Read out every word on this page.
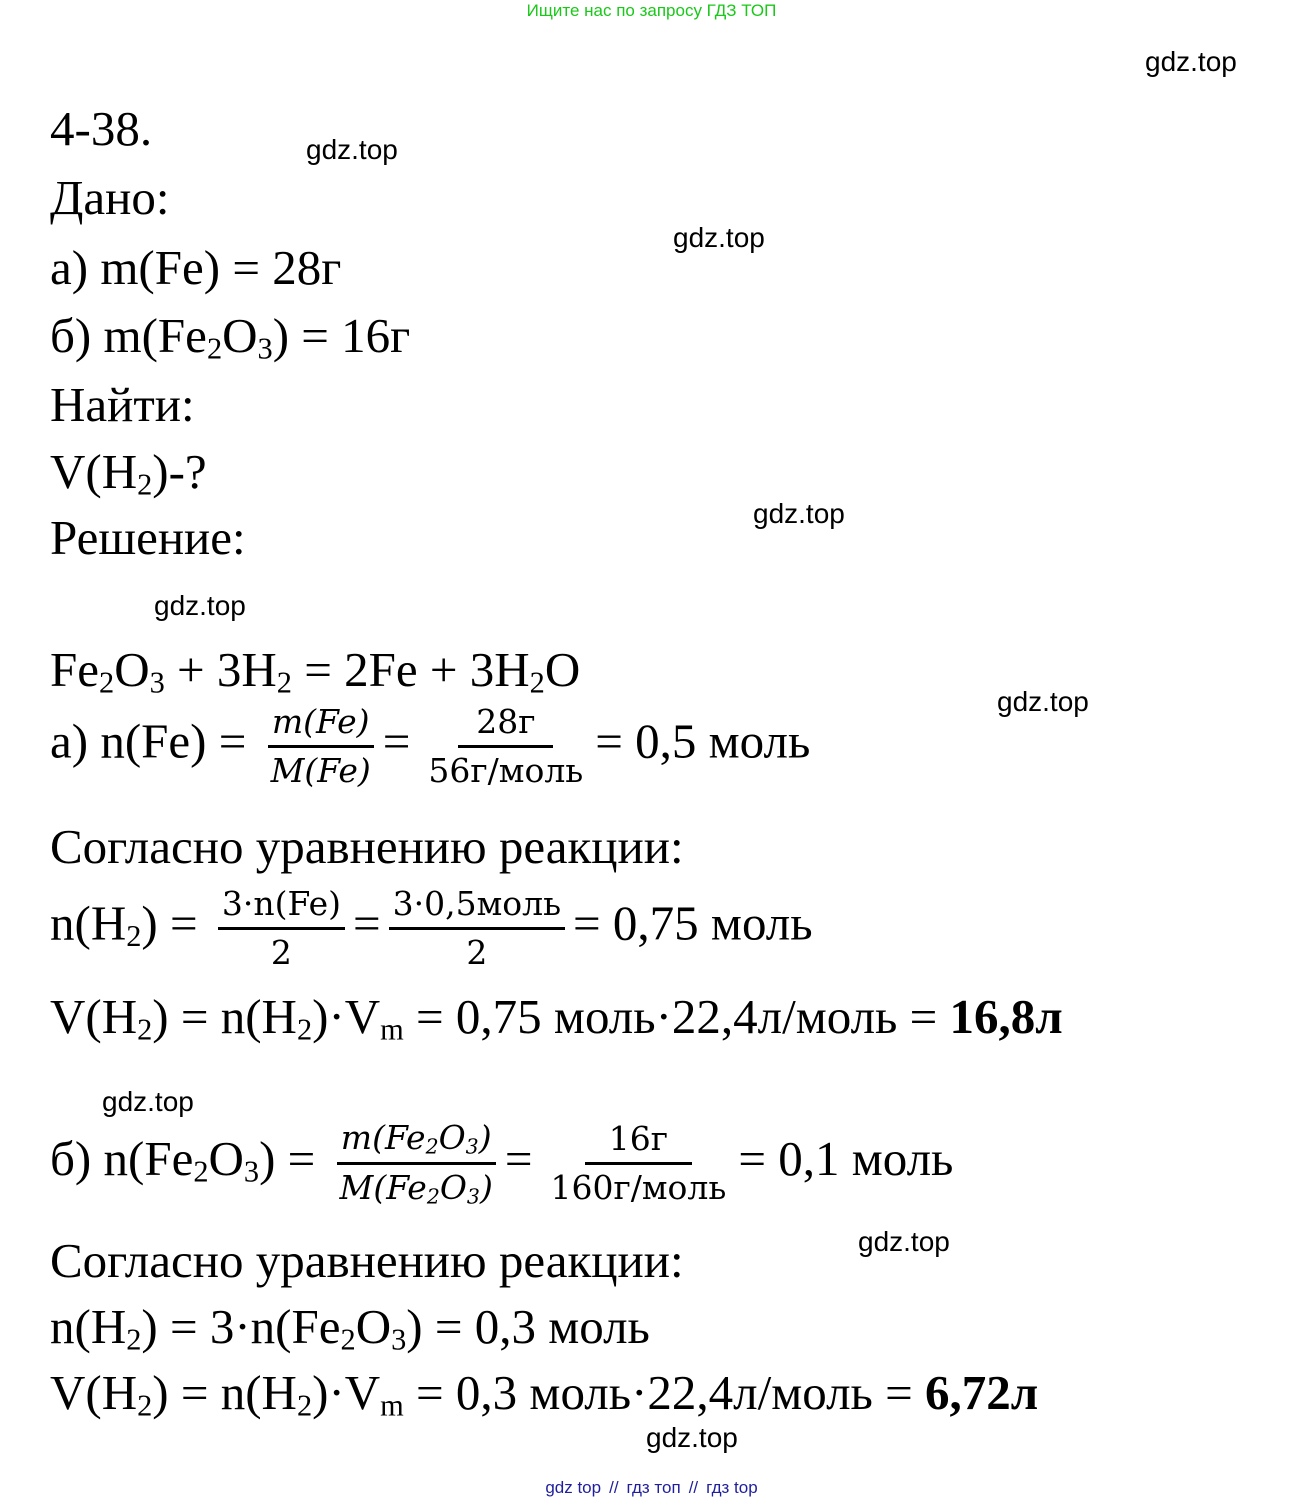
Ищите нас по запросу ГДЗ ТОП
gdz.top
gdz.top
gdz.top
gdz.top
gdz.top
gdz.top
gdz.top
gdz.top
gdz.top
4-38.
Дано:
а) m(Fe) = 28г
б) $m(Fe_2O_3) = 16г$
Найти:
$V(H_2)-$?
Решение:
$Fe_2O_3 + 3H_2 = 2Fe + 3H_2O$
а) $n(Fe) = \frac{m(Fe)}{M(Fe)} = \frac{28г}{\text{56г/моль}} = 0,5$ моль
Согласно уравнению реакции:
$n(H_2) = \frac{3\cdot n(Fe)}{2} = \frac{\text{3·0,5моль}}{2} = 0,75$ моль
$V(H_2) = n(H_2)\cdot V_m = 0,75$ моль·22,4л/моль = 16,8л
б) $n(Fe_2O_3) = \frac{m(Fe_2O_3)}{M(Fe_2O_3)} = \frac{16г}{\text{160г/моль}} = 0,1$ моль
Согласно уравнению реакции:
$n(H_2) = 3\cdot n(Fe_2O_3) = 0,3$ моль
$V(H_2) = n(H_2)\cdot V_m = 0,3$ моль·22,4л/моль = 6,72л
gdz top // гдз топ // гдз top
